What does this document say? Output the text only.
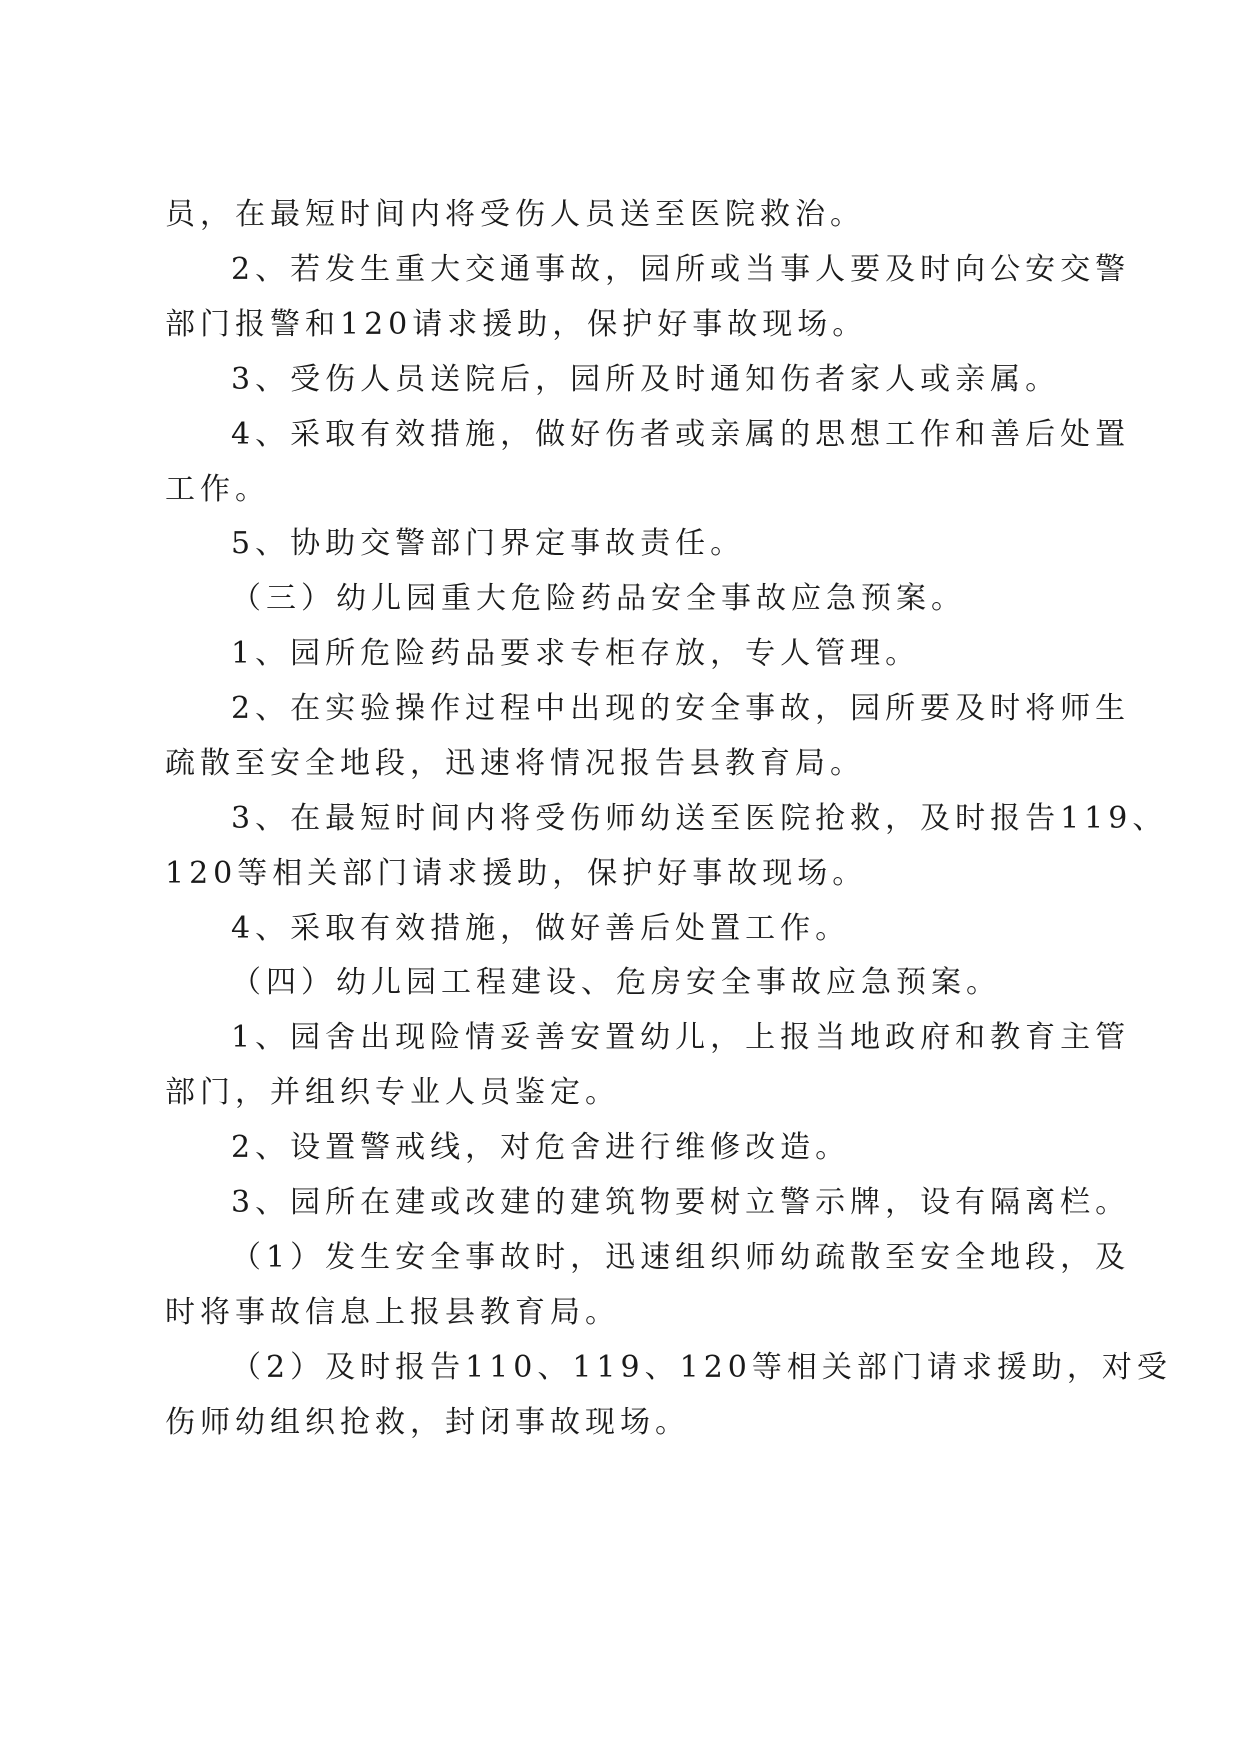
员，在最短时间内将受伤人员送至医院救治。
2、若发生重大交通事故，园所或当事人要及时向公安交警
部门报警和120请求援助，保护好事故现场。
3、受伤人员送院后，园所及时通知伤者家人或亲属。
4、采取有效措施，做好伤者或亲属的思想工作和善后处置
工作。
5、协助交警部门界定事故责任。
（三）幼儿园重大危险药品安全事故应急预案。
1、园所危险药品要求专柜存放，专人管理。
2、在实验操作过程中出现的安全事故，园所要及时将师生
疏散至安全地段，迅速将情况报告县教育局。
3、在最短时间内将受伤师幼送至医院抢救，及时报告119、
120等相关部门请求援助，保护好事故现场。
4、采取有效措施，做好善后处置工作。
（四）幼儿园工程建设、危房安全事故应急预案。
1、园舍出现险情妥善安置幼儿，上报当地政府和教育主管
部门，并组织专业人员鉴定。
2、设置警戒线，对危舍进行维修改造。
3、园所在建或改建的建筑物要树立警示牌，设有隔离栏。
（1）发生安全事故时，迅速组织师幼疏散至安全地段，及
时将事故信息上报县教育局。
（2）及时报告110、119、120等相关部门请求援助，对受
伤师幼组织抢救，封闭事故现场。
